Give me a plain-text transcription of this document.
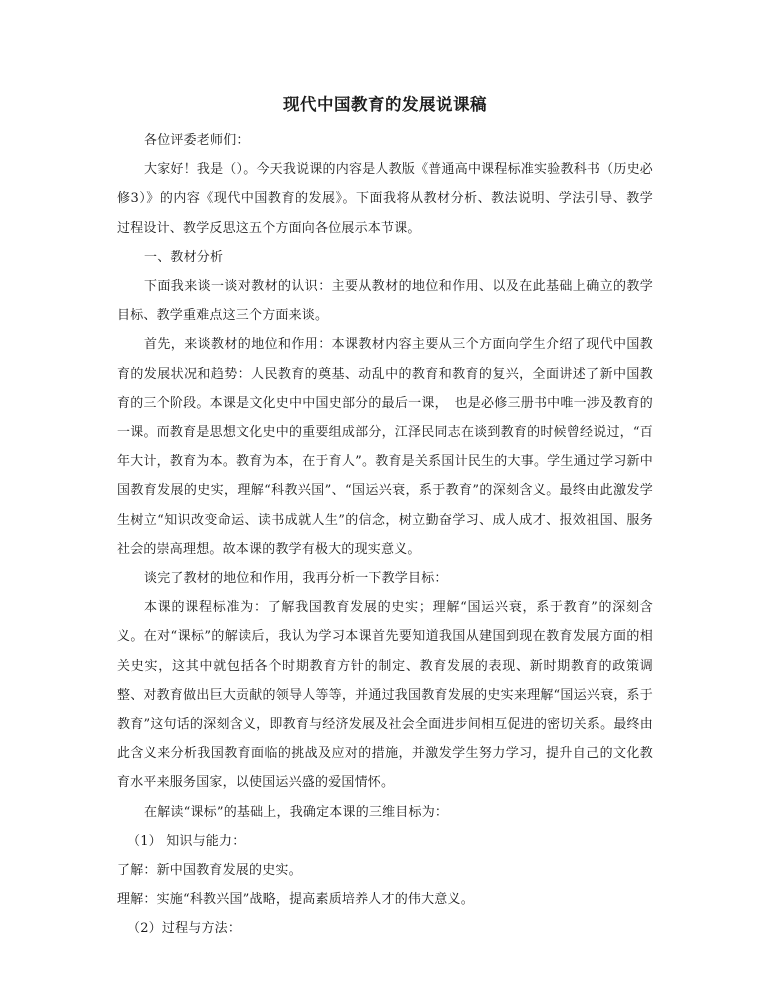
现代中国教育的发展说课稿

各位评委老师们：

大家好！我是（）。今天我说课的内容是人教版《普通高中课程标准实验教科书（历史必修3）》的内容《现代中国教育的发展》。下面我将从教材分析、教法说明、学法引导、教学过程设计、教学反思这五个方面向各位展示本节课。

一、教材分析

下面我来谈一谈对教材的认识：主要从教材的地位和作用、以及在此基础上确立的教学目标、教学重难点这三个方面来谈。

首先，来谈教材的地位和作用：本课教材内容主要从三个方面向学生介绍了现代中国教育的发展状况和趋势：人民教育的奠基、动乱中的教育和教育的复兴，全面讲述了新中国教育的三个阶段。本课是文化史中中国史部分的最后一课，　也是必修三册书中唯一涉及教育的一课。而教育是思想文化史中的重要组成部分，江泽民同志在谈到教育的时候曾经说过，“百年大计，教育为本。教育为本，在于育人”。教育是关系国计民生的大事。学生通过学习新中国教育发展的史实，理解“科教兴国”、“国运兴衰，系于教育”的深刻含义。最终由此激发学生树立“知识改变命运、读书成就人生”的信念，树立勤奋学习、成人成才、报效祖国、服务社会的崇高理想。故本课的教学有极大的现实意义。

谈完了教材的地位和作用，我再分析一下教学目标：

本课的课程标准为：了解我国教育发展的史实；理解“国运兴衰，系于教育”的深刻含义。在对“课标”的解读后，我认为学习本课首先要知道我国从建国到现在教育发展方面的相关史实，这其中就包括各个时期教育方针的制定、教育发展的表现、新时期教育的政策调整、对教育做出巨大贡献的领导人等等，并通过我国教育发展的史实来理解“国运兴衰，系于教育”这句话的深刻含义，即教育与经济发展及社会全面进步间相互促进的密切关系。最终由此含义来分析我国教育面临的挑战及应对的措施，并激发学生努力学习，提升自己的文化教育水平来服务国家，以使国运兴盛的爱国情怀。

在解读“课标”的基础上，我确定本课的三维目标为：

（1） 知识与能力：

了解：新中国教育发展的史实。

理解：实施“科教兴国”战略，提高素质培养人才的伟大意义。

（2）过程与方法：
